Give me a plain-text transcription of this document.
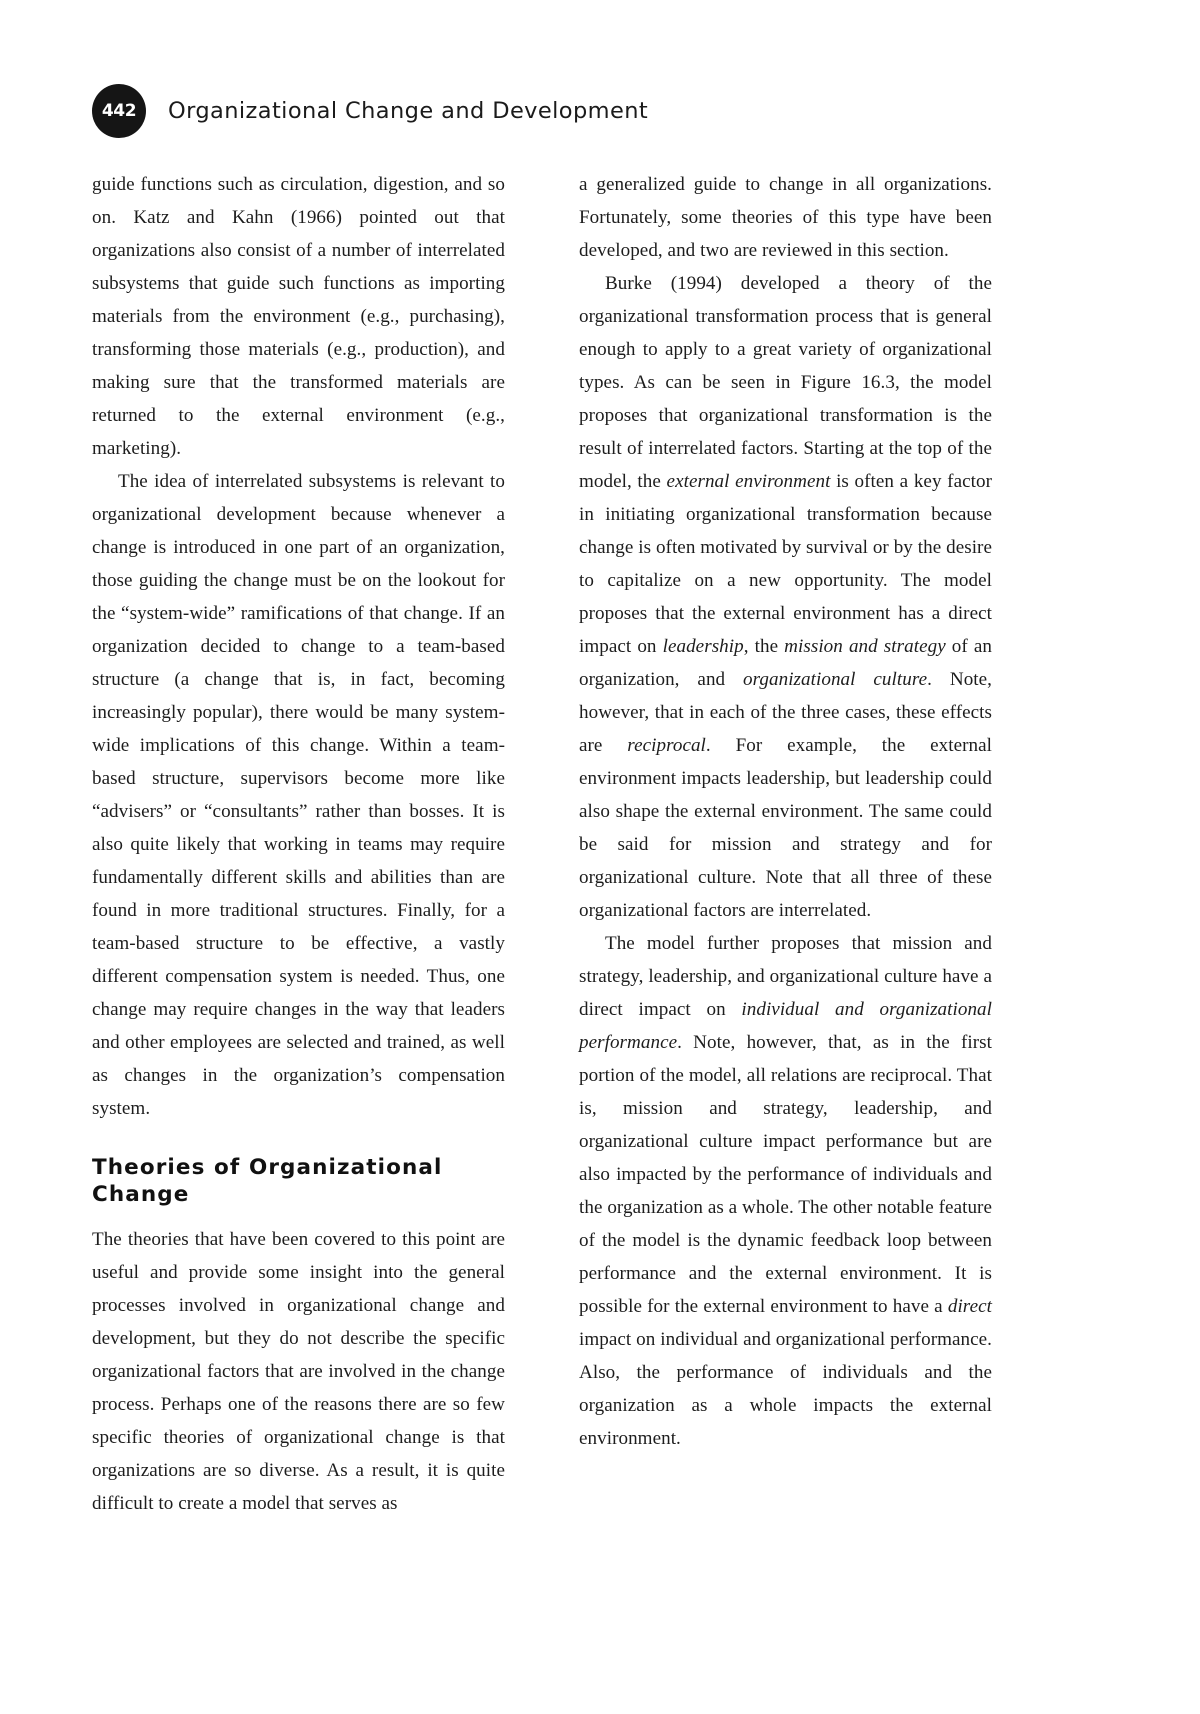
442	Organizational Change and Development

guide functions such as circulation, digestion, and so on. Katz and Kahn (1966) pointed out that organizations also consist of a number of interrelated subsystems that guide such functions as importing materials from the environment (e.g., purchasing), transforming those materials (e.g., production), and making sure that the transformed materials are returned to the external environment (e.g., marketing).

The idea of interrelated subsystems is relevant to organizational development because whenever a change is introduced in one part of an organization, those guiding the change must be on the lookout for the “system-wide” ramifications of that change. If an organization decided to change to a team-based structure (a change that is, in fact, becoming increasingly popular), there would be many system-wide implications of this change. Within a team-based structure, supervisors become more like “advisers” or “consultants” rather than bosses. It is also quite likely that working in teams may require fundamentally different skills and abilities than are found in more traditional structures. Finally, for a team-based structure to be effective, a vastly different compensation system is needed. Thus, one change may require changes in the way that leaders and other employees are selected and trained, as well as changes in the organization’s compensation system.

Theories of Organizational Change

The theories that have been covered to this point are useful and provide some insight into the general processes involved in organizational change and development, but they do not describe the specific organizational factors that are involved in the change process. Perhaps one of the reasons there are so few specific theories of organizational change is that organizations are so diverse. As a result, it is quite difficult to create a model that serves as

a generalized guide to change in all organizations. Fortunately, some theories of this type have been developed, and two are reviewed in this section.

Burke (1994) developed a theory of the organizational transformation process that is general enough to apply to a great variety of organizational types. As can be seen in Figure 16.3, the model proposes that organizational transformation is the result of interrelated factors. Starting at the top of the model, the external environment is often a key factor in initiating organizational transformation because change is often motivated by survival or by the desire to capitalize on a new opportunity. The model proposes that the external environment has a direct impact on leadership, the mission and strategy of an organization, and organizational culture. Note, however, that in each of the three cases, these effects are reciprocal. For example, the external environment impacts leadership, but leadership could also shape the external environment. The same could be said for mission and strategy and for organizational culture. Note that all three of these organizational factors are interrelated.

The model further proposes that mission and strategy, leadership, and organizational culture have a direct impact on individual and organizational performance. Note, however, that, as in the first portion of the model, all relations are reciprocal. That is, mission and strategy, leadership, and organizational culture impact performance but are also impacted by the performance of individuals and the organization as a whole. The other notable feature of the model is the dynamic feedback loop between performance and the external environment. It is possible for the external environment to have a direct impact on individual and organizational performance. Also, the performance of individuals and the organization as a whole impacts the external environment.
